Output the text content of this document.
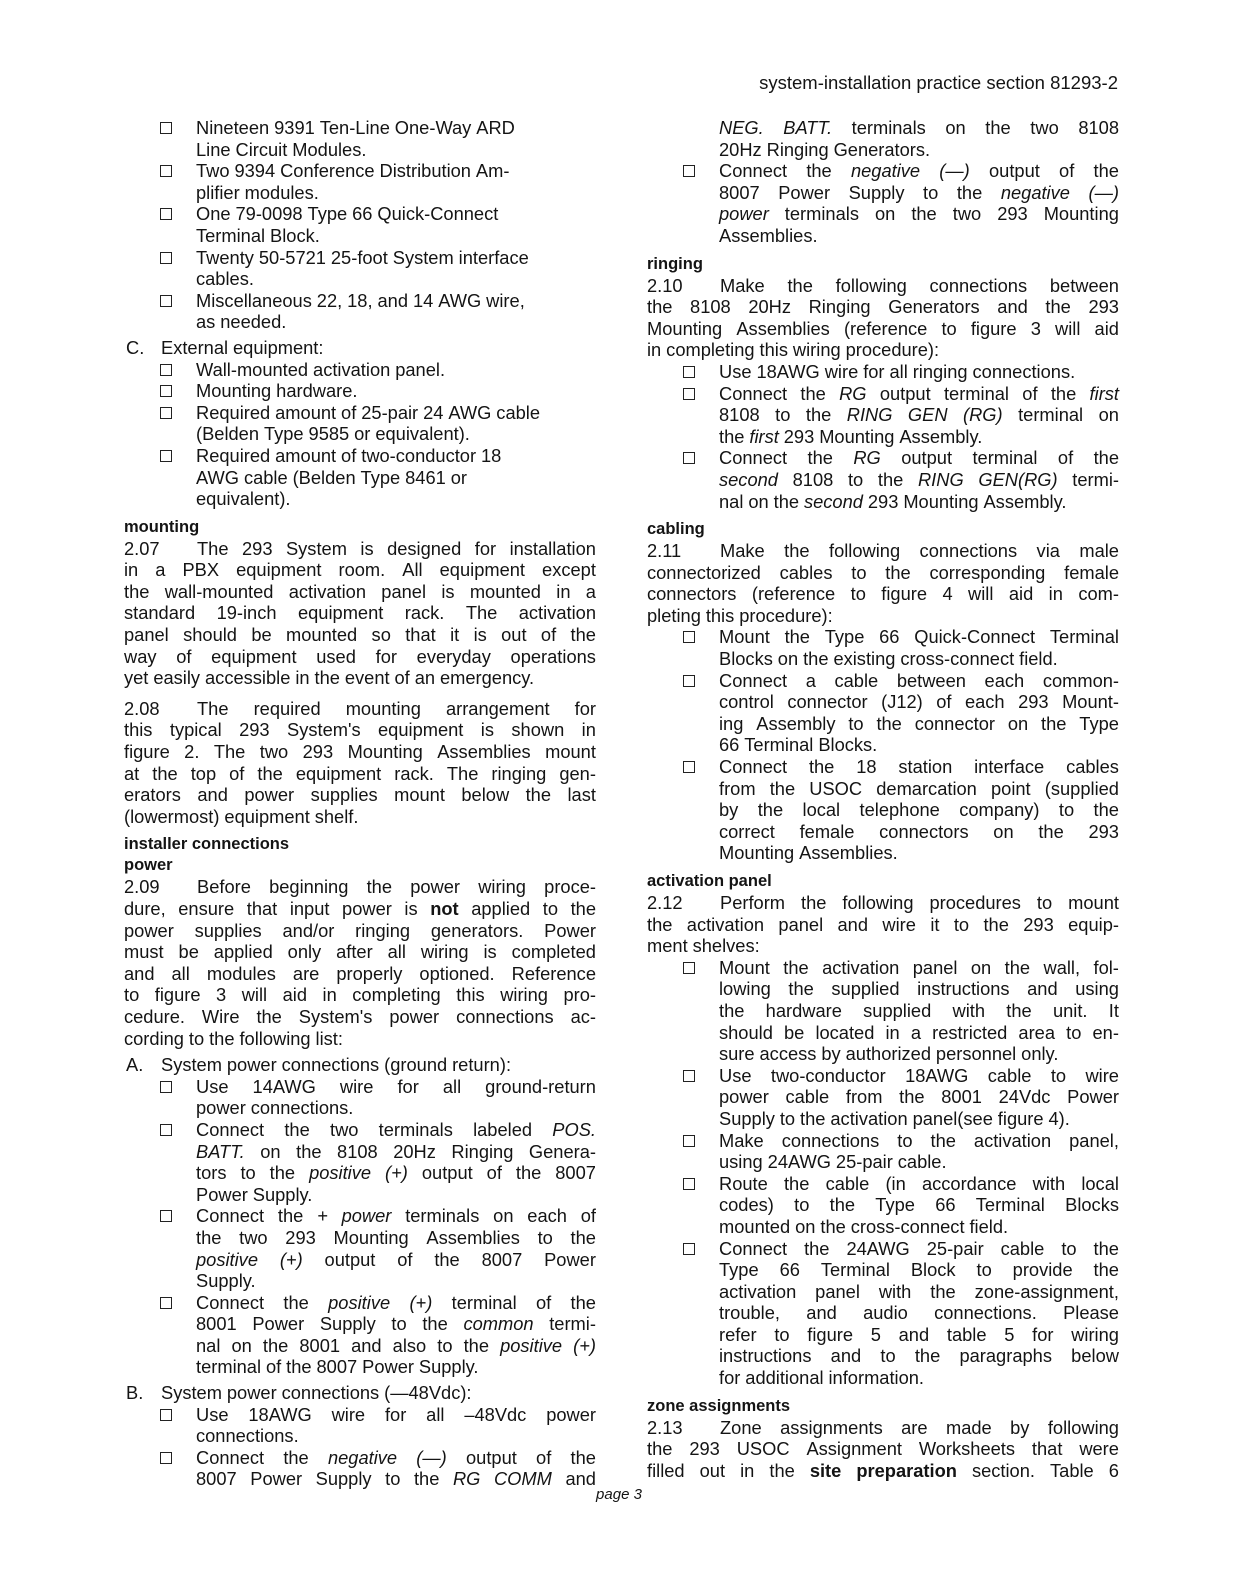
system-installation practice section 81293-2
Nineteen 9391 Ten-Line One-Way ARD
Line Circuit Modules.
Two 9394 Conference Distribution Am-
plifier modules.
One 79-0098 Type 66 Quick-Connect
Terminal Block.
Twenty 50-5721 25-foot System interface
cables.
Miscellaneous 22, 18, and 14 AWG wire,
as needed.
C. External equipment:
Wall-mounted activation panel.
Mounting hardware.
Required amount of 25-pair 24 AWG cable
(Belden Type 9585 or equivalent).
Required amount of two-conductor 18
AWG cable (Belden Type 8461 or
equivalent).
mounting
2.07 The 293 System is designed for installation
in a PBX equipment room. All equipment except
the wall-mounted activation panel is mounted in a
standard 19-inch equipment rack. The activation
panel should be mounted so that it is out of the
way of equipment used for everyday operations
yet easily accessible in the event of an emergency.
2.08 The required mounting arrangement for
this typical 293 System's equipment is shown in
figure 2. The two 293 Mounting Assemblies mount
at the top of the equipment rack. The ringing gen-
erators and power supplies mount below the last
(lowermost) equipment shelf.
installer connections
power
2.09 Before beginning the power wiring proce-
dure, ensure that input power is not applied to the
power supplies and/or ringing generators. Power
must be applied only after all wiring is completed
and all modules are properly optioned. Reference
to figure 3 will aid in completing this wiring pro-
cedure. Wire the System's power connections ac-
cording to the following list:
A. System power connections (ground return):
Use 14AWG wire for all ground-return
power connections.
Connect the two terminals labeled POS.
BATT. on the 8108 20Hz Ringing Genera-
tors to the positive (+) output of the 8007
Power Supply.
Connect the + power terminals on each of
the two 293 Mounting Assemblies to the
positive (+) output of the 8007 Power
Supply.
Connect the positive (+) terminal of the
8001 Power Supply to the common termi-
nal on the 8001 and also to the positive (+)
terminal of the 8007 Power Supply.
B. System power connections (—48Vdc):
Use 18AWG wire for all –48Vdc power
connections.
Connect the negative (—) output of the
8007 Power Supply to the RG COMM and
NEG. BATT. terminals on the two 8108
20Hz Ringing Generators.
Connect the negative (—) output of the
8007 Power Supply to the negative (—)
power terminals on the two 293 Mounting
Assemblies.
ringing
2.10 Make the following connections between
the 8108 20Hz Ringing Generators and the 293
Mounting Assemblies (reference to figure 3 will aid
in completing this wiring procedure):
Use 18AWG wire for all ringing connections.
Connect the RG output terminal of the first
8108 to the RING GEN (RG) terminal on
the first 293 Mounting Assembly.
Connect the RG output terminal of the
second 8108 to the RING GEN(RG) termi-
nal on the second 293 Mounting Assembly.
cabling
2.11 Make the following connections via male
connectorized cables to the corresponding female
connectors (reference to figure 4 will aid in com-
pleting this procedure):
Mount the Type 66 Quick-Connect Terminal
Blocks on the existing cross-connect field.
Connect a cable between each common-
control connector (J12) of each 293 Mount-
ing Assembly to the connector on the Type
66 Terminal Blocks.
Connect the 18 station interface cables
from the USOC demarcation point (supplied
by the local telephone company) to the
correct female connectors on the 293
Mounting Assemblies.
activation panel
2.12 Perform the following procedures to mount
the activation panel and wire it to the 293 equip-
ment shelves:
Mount the activation panel on the wall, fol-
lowing the supplied instructions and using
the hardware supplied with the unit. It
should be located in a restricted area to en-
sure access by authorized personnel only.
Use two-conductor 18AWG cable to wire
power cable from the 8001 24Vdc Power
Supply to the activation panel(see figure 4).
Make connections to the activation panel,
using 24AWG 25-pair cable.
Route the cable (in accordance with local
codes) to the Type 66 Terminal Blocks
mounted on the cross-connect field.
Connect the 24AWG 25-pair cable to the
Type 66 Terminal Block to provide the
activation panel with the zone-assignment,
trouble, and audio connections. Please
refer to figure 5 and table 5 for wiring
instructions and to the paragraphs below
for additional information.
zone assignments
2.13 Zone assignments are made by following
the 293 USOC Assignment Worksheets that were
filled out in the site preparation section. Table 6
page 3
